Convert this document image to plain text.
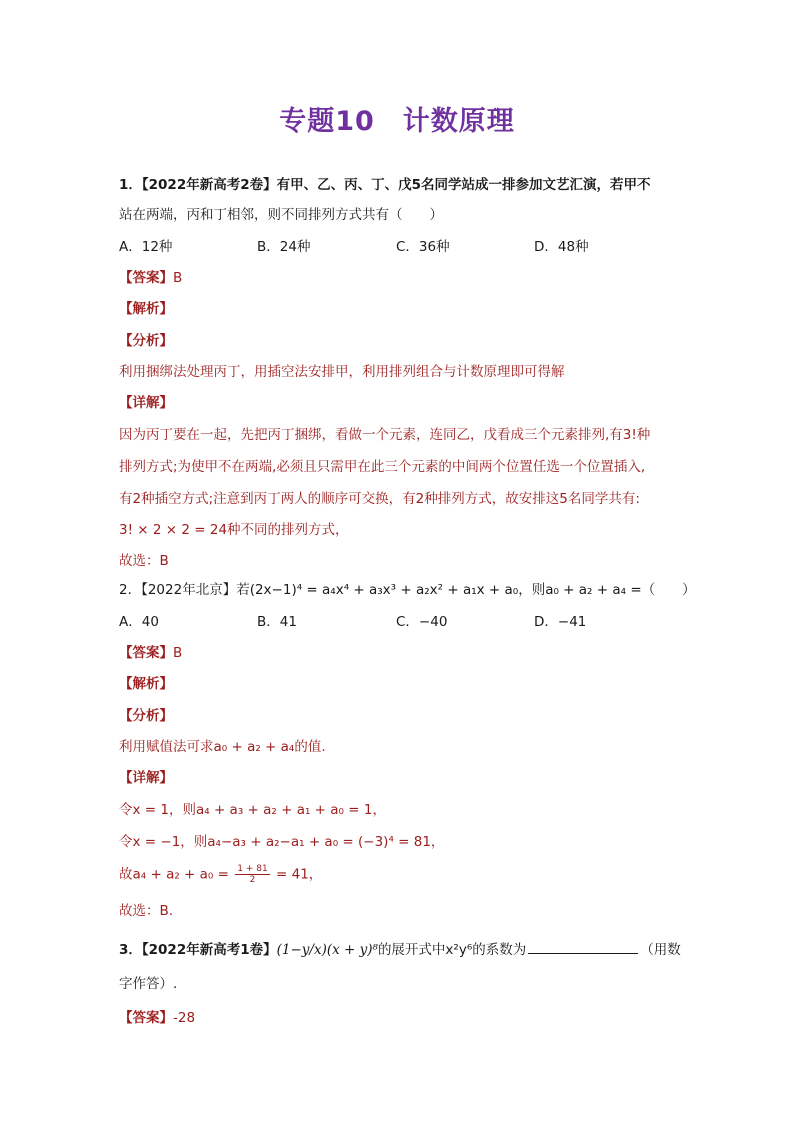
专题10　计数原理
1．【2022年新高考2卷】有甲、乙、丙、丁、戊5名同学站成一排参加文艺汇演，若甲不
站在两端，丙和丁相邻，则不同排列方式共有（　　）
A．12种	B．24种	C．36种	D．48种
【答案】B
【解析】
【分析】
利用捆绑法处理丙丁，用插空法安排甲，利用排列组合与计数原理即可得解
【详解】
因为丙丁要在一起，先把丙丁捆绑，看做一个元素，连同乙，戊看成三个元素排列,有3!种
排列方式;为使甲不在两端,必须且只需甲在此三个元素的中间两个位置任选一个位置插入,
有2种插空方式;注意到丙丁两人的顺序可交换，有2种排列方式，故安排这5名同学共有:
3! × 2 × 2 = 24种不同的排列方式，
故选：B
2．【2022年北京】若(2x−1)⁴ = a₄x⁴ + a₃x³ + a₂x² + a₁x + a₀，则a₀ + a₂ + a₄ =（　　）
A．40	B．41	C．−40	D．−41
【答案】B
【解析】
【分析】
利用赋值法可求a₀ + a₂ + a₄的值.
【详解】
令x = 1，则a₄ + a₃ + a₂ + a₁ + a₀ = 1，
令x = −1，则a₄−a₃ + a₂−a₁ + a₀ = (−3)⁴ = 81，
故$a_4 + a_2 + a_0 = \frac{1 + 81}{2} = 41$，
故选：B.
3．【2022年新高考1卷】(1−y/x)(x + y)⁸的展开式中x²y⁶的系数为	（用数
字作答）.
【答案】-28
